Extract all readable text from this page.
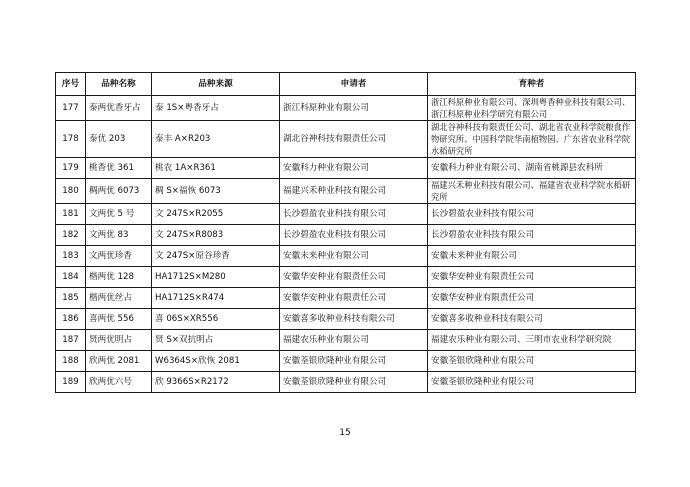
序号	品种名称	品种来源	申请者	育种者
177	泰两优香牙占	泰 1S×粤香牙占	浙江科原种业有限公司	浙江科原种业有限公司、深圳粤香种业科技有限公司、浙江科原种业科学研究有限公司
178	泰优 203	泰丰 A×R203	湖北谷神科技有限责任公司	湖北谷神科技有限责任公司、湖北省农业科学院粮食作物研究所、中国科学院华南植物园、广东省农业科学院水稻研究所
179	桃香优 361	桃农 1A×R361	安徽科力种业有限公司	安徽科力种业有限公司、湖南省桃源县农科所
180	稠两优 6073	稠 S×福恢 6073	福建兴禾种业科技有限公司	福建兴禾种业科技有限公司、福建省农业科学院水稻研究所
181	文两优 5 号	文 247S×R2055	长沙碧盈农业科技有限公司	长沙碧盈农业科技有限公司
182	文两优 83	文 247S×R8083	长沙碧盈农业科技有限公司	长沙碧盈农业科技有限公司
183	文两优珍香	文 247S×原谷珍香	安徽未来种业有限公司	安徽未来种业有限公司
184	楷两优 128	HA1712S×M280	安徽华安种业有限责任公司	安徽华安种业有限责任公司
185	楷两优丝占	HA1712S×R474	安徽华安种业有限责任公司	安徽华安种业有限责任公司
186	喜两优 556	喜 06S×XR556	安徽喜多收种业科技有限公司	安徽喜多收种业科技有限公司
187	贤两优明占	贤 S×双抗明占	福建农乐种业有限公司	福建农乐种业有限公司、三明市农业科学研究院
188	欣两优 2081	W6364S×欣恢 2081	安徽荃银欣隆种业有限公司	安徽荃银欣隆种业有限公司
189	欣两优六号	欣 9366S×R2172	安徽荃银欣隆种业有限公司	安徽荃银欣隆种业有限公司
15
